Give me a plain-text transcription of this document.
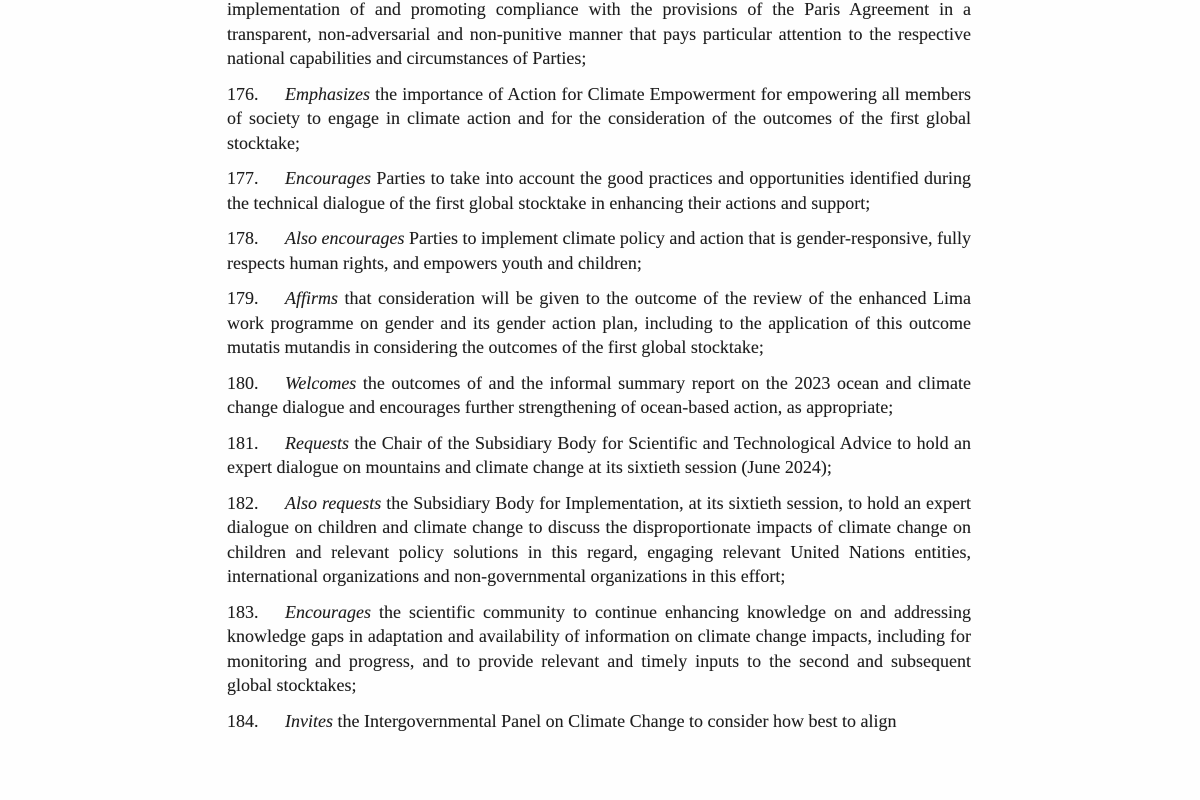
implementation of and promoting compliance with the provisions of the Paris Agreement in a transparent, non-adversarial and non-punitive manner that pays particular attention to the respective national capabilities and circumstances of Parties;

176. Emphasizes the importance of Action for Climate Empowerment for empowering all members of society to engage in climate action and for the consideration of the outcomes of the first global stocktake;

177. Encourages Parties to take into account the good practices and opportunities identified during the technical dialogue of the first global stocktake in enhancing their actions and support;

178. Also encourages Parties to implement climate policy and action that is gender-responsive, fully respects human rights, and empowers youth and children;

179. Affirms that consideration will be given to the outcome of the review of the enhanced Lima work programme on gender and its gender action plan, including to the application of this outcome mutatis mutandis in considering the outcomes of the first global stocktake;

180. Welcomes the outcomes of and the informal summary report on the 2023 ocean and climate change dialogue and encourages further strengthening of ocean-based action, as appropriate;

181. Requests the Chair of the Subsidiary Body for Scientific and Technological Advice to hold an expert dialogue on mountains and climate change at its sixtieth session (June 2024);

182. Also requests the Subsidiary Body for Implementation, at its sixtieth session, to hold an expert dialogue on children and climate change to discuss the disproportionate impacts of climate change on children and relevant policy solutions in this regard, engaging relevant United Nations entities, international organizations and non-governmental organizations in this effort;

183. Encourages the scientific community to continue enhancing knowledge on and addressing knowledge gaps in adaptation and availability of information on climate change impacts, including for monitoring and progress, and to provide relevant and timely inputs to the second and subsequent global stocktakes;

184. Invites the Intergovernmental Panel on Climate Change to consider how best to align
